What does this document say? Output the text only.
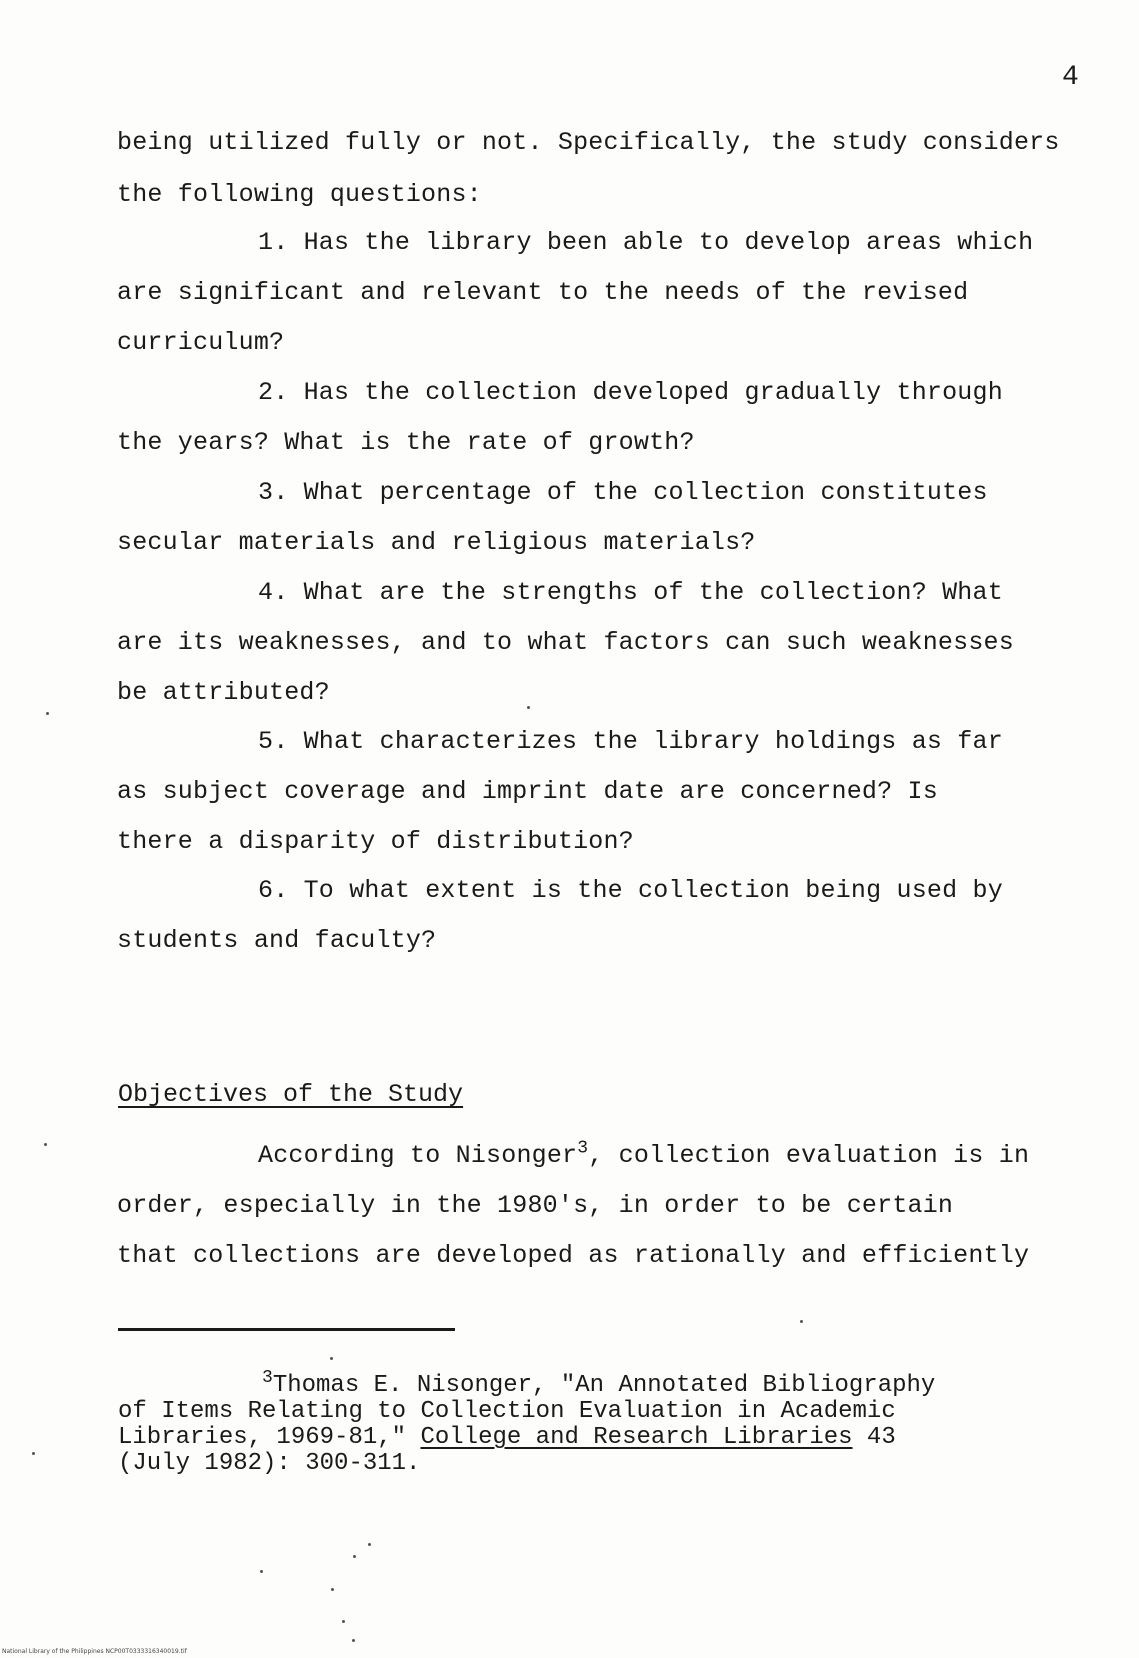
4
being utilized fully or not. Specifically, the study considers
the following questions:
1. Has the library been able to develop areas which
are significant and relevant to the needs of the revised
curriculum?
2. Has the collection developed gradually through
the years? What is the rate of growth?
3. What percentage of the collection constitutes
secular materials and religious materials?
4. What are the strengths of the collection? What
are its weaknesses, and to what factors can such weaknesses
be attributed?
5. What characterizes the library holdings as far
as subject coverage and imprint date are concerned? Is
there a disparity of distribution?
6. To what extent is the collection being used by
students and faculty?
Objectives of the Study
According to Nisonger$^3$, collection evaluation is in
order, especially in the 1980's, in order to be certain
that collections are developed as rationally and efficiently
$^3$Thomas E. Nisonger, "An Annotated Bibliography
of Items Relating to Collection Evaluation in Academic
Libraries, 1969-81," College and Research Libraries 43
(July 1982): 300-311.
National Library of the Philippines NCP00T0333316340019.tif
